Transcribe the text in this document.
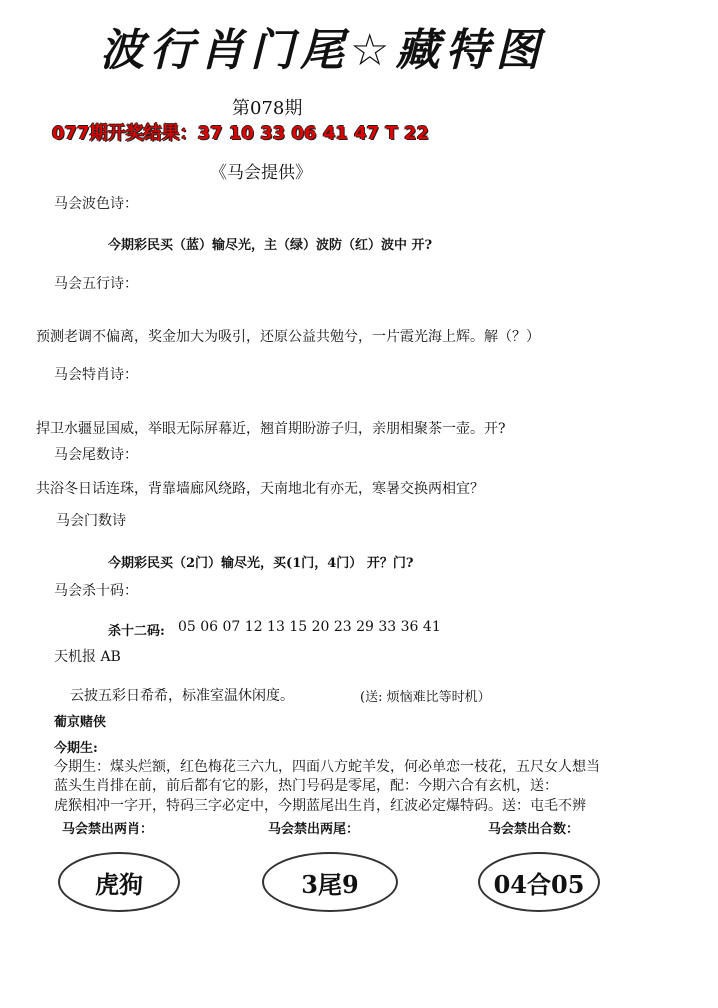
波行肖门尾☆藏特图
第078期
077期开奖结果：37 10 33 06 41 47 T 22
《马会提供》
马会波色诗：
今期彩民买（蓝）输尽光，主（绿）波防（红）波中 开?
马会五行诗：
预测老调不偏离，奖金加大为吸引，还原公益共勉兮，一片霞光海上辉。解（？）
马会特肖诗：
捍卫水疆显国威，举眼无际屏幕近，翘首期盼游子归，亲朋相聚茶一壶。开?
马会尾数诗：
共浴冬日话连珠，背靠墙廊风绕路，天南地北有亦无，寒暑交换两相宜？
马会门数诗
今期彩民买（2门）输尽光，买(1门，4门） 开？门?
马会杀十码：
杀十二码: 05 06 07 12 13 15 20 23 29 33 36 41
天机报 AB
云披五彩日希希，标准室温休闲度。	(送: 烦恼难比等时机）
葡京赌侠
今期生:
今期生：煤头烂额，红色梅花三六九，四面八方蛇羊发，何必单恋一枝花，五尺女人想当
蓝头生肖排在前，前后都有它的影，热门号码是零尾，配：今期六合有玄机，送：
虎猴相冲一字开，特码三字必定中，今期蓝尾出生肖，红波必定爆特码。送：屯毛不辨
马会禁出两肖：	马会禁出两尾：	马会禁出合数：
虎狗	3尾9	04合05
